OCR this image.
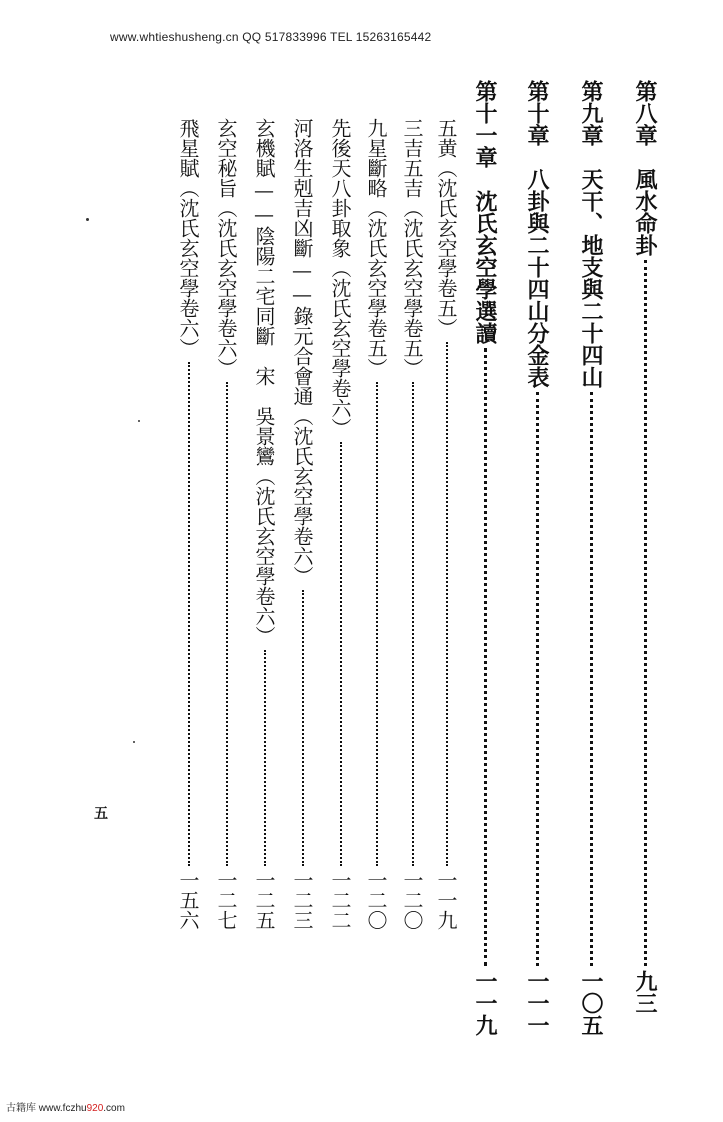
www.whtieshusheng.cn QQ 517833996 TEL 15263165442
第八章　風水命卦
九三
第九章　天干、地支與二十四山
一〇五
第十章　八卦與二十四山分金表
一一一
第十一章　沈氏玄空學選讀
一一九
五黄（沈氏玄空學卷五）
一一九
三吉五吉（沈氏玄空學卷五）
一二〇
九星斷略（沈氏玄空學卷五）
一二〇
先後天八卦取象（沈氏玄空學卷六）
一二二
河洛生剋吉凶斷——錄元合會通（沈氏玄空學卷六）
一二三
玄機賦——陰陽二宅同斷　宋　吳景鸞（沈氏玄空學卷六）
一二五
玄空秘旨（沈氏玄空學卷六）
一二七
飛星賦（沈氏玄空學卷六）
一五六
五
古籍库 www.fczhu920.com
